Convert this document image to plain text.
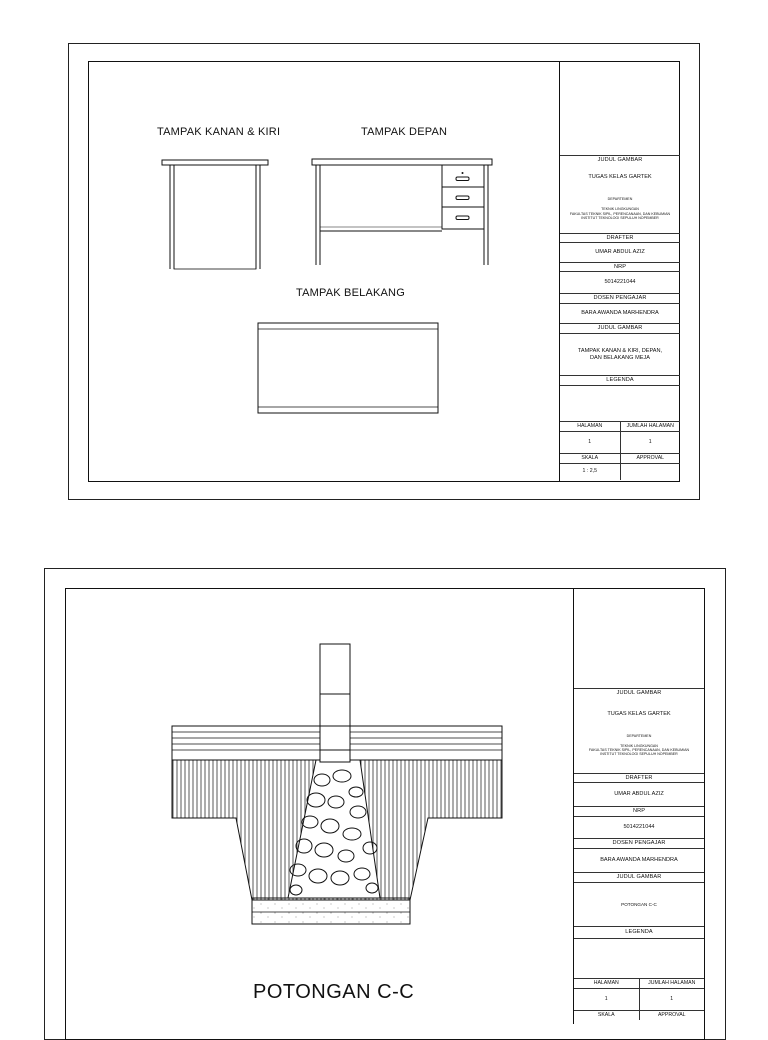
TAMPAK KANAN & KIRI	TAMPAK DEPAN
TAMPAK BELAKANG
JUDUL GAMBAR
TUGAS KELAS GARTEK
DEPARTEMEN
TEKNIK LINGKUNGAN
FAKULTAS TEKNIK SIPIL, PERENCANAAN, DAN KEBUMIAN
INSTITUT TEKNOLOGI SEPULUH NOPEMBER
DRAFTER
UMAR ABDUL AZIZ
NRP
5014221044
DOSEN PENGAJAR
BARA AWANDA MARHENDRA
JUDUL GAMBAR
TAMPAK KANAN & KIRI, DEPAN,
DAN BELAKANG MEJA
LEGENDA
HALAMAN	JUMLAH HALAMAN
1	1
SKALA	APPROVAL
1 : 2,5
POTONGAN C-C
JUDUL GAMBAR
TUGAS KELAS GARTEK
DEPARTEMEN
TEKNIK LINGKUNGAN
FAKULTAS TEKNIK SIPIL, PERENCANAAN, DAN KEBUMIAN
INSTITUT TEKNOLOGI SEPULUH NOPEMBER
DRAFTER
UMAR ABDUL AZIZ
NRP
5014221044
DOSEN PENGAJAR
BARA AWANDA MARHENDRA
JUDUL GAMBAR
POTONGAN C-C
LEGENDA
HALAMAN	JUMLAH HALAMAN
1	1
SKALA	APPROVAL
